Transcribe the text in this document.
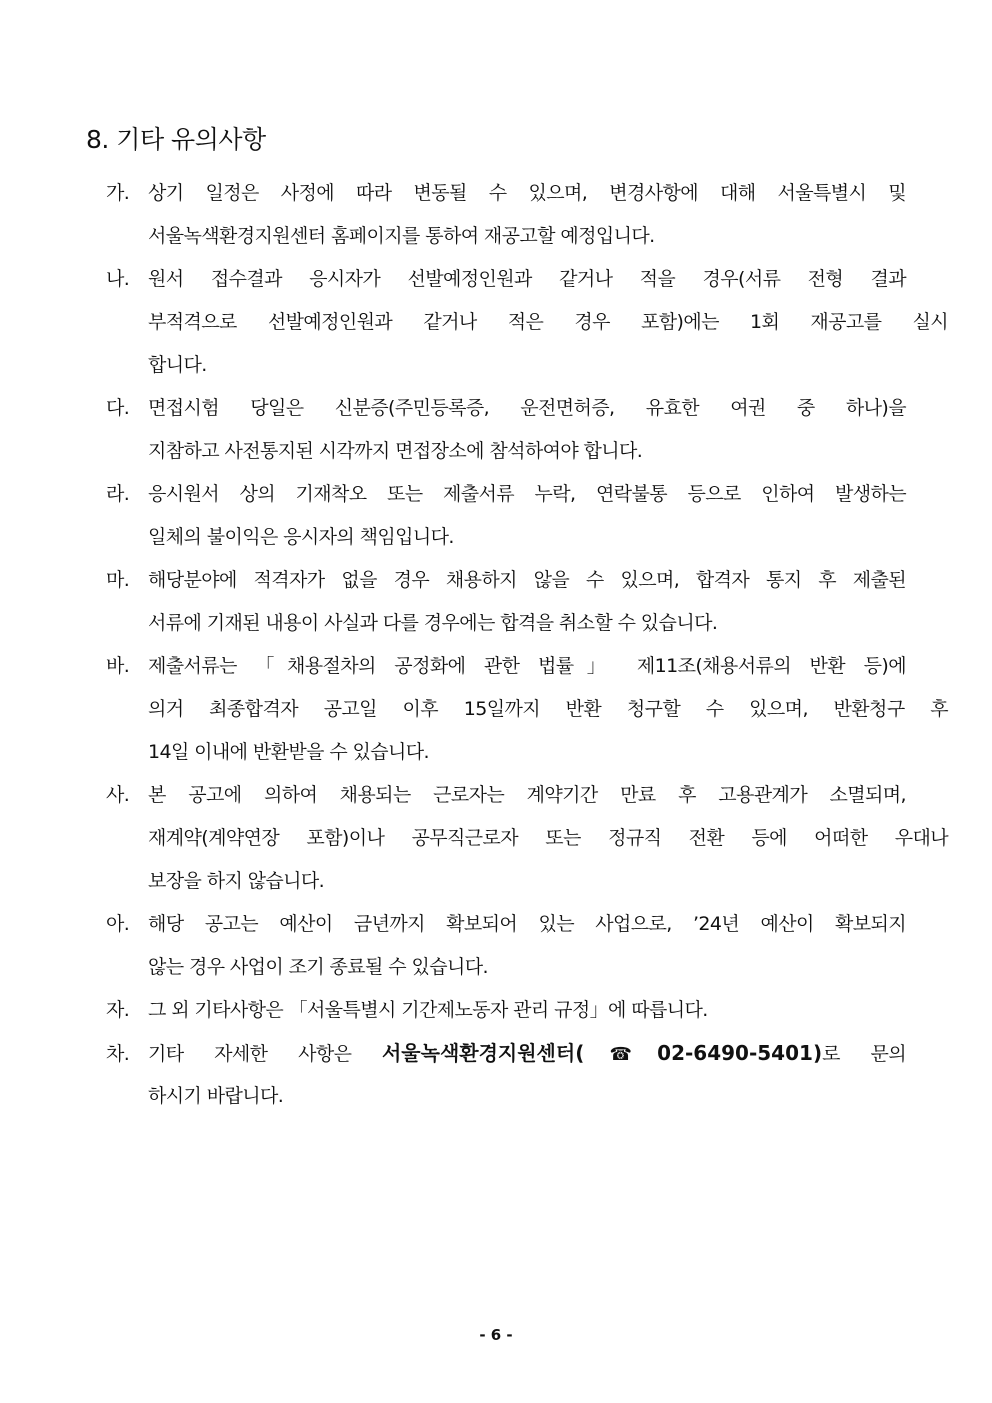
8. 기타 유의사항
가. 상기 일정은 사정에 따라 변동될 수 있으며, 변경사항에 대해 서울특별시 및
서울녹색환경지원센터 홈페이지를 통하여 재공고할 예정입니다.
나. 원서 접수결과 응시자가 선발예정인원과 같거나 적을 경우(서류 전형 결과
부적격으로 선발예정인원과 같거나 적은 경우 포함)에는 1회 재공고를 실시
합니다.
다. 면접시험 당일은 신분증(주민등록증, 운전면허증, 유효한 여권 중 하나)을
지참하고 사전통지된 시각까지 면접장소에 참석하여야 합니다.
라. 응시원서 상의 기재착오 또는 제출서류 누락, 연락불통 등으로 인하여 발생하는
일체의 불이익은 응시자의 책임입니다.
마. 해당분야에 적격자가 없을 경우 채용하지 않을 수 있으며, 합격자 통지 후 제출된
서류에 기재된 내용이 사실과 다를 경우에는 합격을 취소할 수 있습니다.
바. 제출서류는 「채용절차의 공정화에 관한 법률」 제11조(채용서류의 반환 등)에
의거 최종합격자 공고일 이후 15일까지 반환 청구할 수 있으며, 반환청구 후
14일 이내에 반환받을 수 있습니다.
사. 본 공고에 의하여 채용되는 근로자는 계약기간 만료 후 고용관계가 소멸되며,
재계약(계약연장 포함)이나 공무직근로자 또는 정규직 전환 등에 어떠한 우대나
보장을 하지 않습니다.
아. 해당 공고는 예산이 금년까지 확보되어 있는 사업으로, ’24년 예산이 확보되지
않는 경우 사업이 조기 종료될 수 있습니다.
자. 그 외 기타사항은 「서울특별시 기간제노동자 관리 규정」에 따릅니다.
차. 기타 자세한 사항은 서울녹색환경지원센터(☎02-6490-5401)로 문의
하시기 바랍니다.
- 6 -
